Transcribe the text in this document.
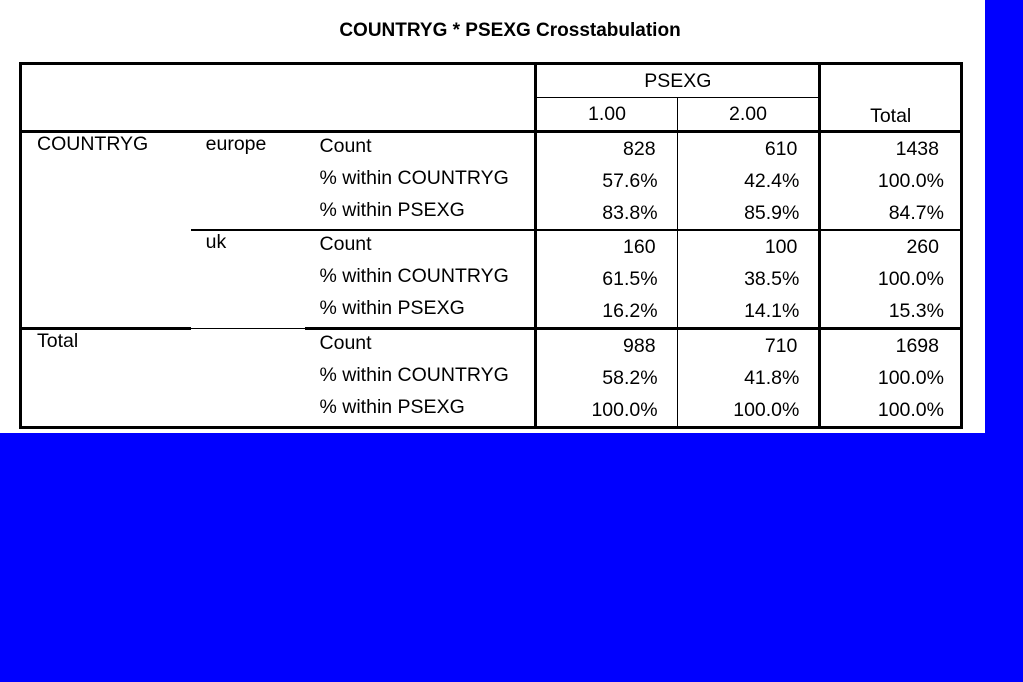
COUNTRYG * PSEXG Crosstabulation
			PSEXG		Total
			1.00	2.00	
COUNTRYG	europe	Count	828	610	1438
		% within COUNTRYG	57.6%	42.4%	100.0%
		% within PSEXG	83.8%	85.9%	84.7%
	uk	Count	160	100	260
		% within COUNTRYG	61.5%	38.5%	100.0%
		% within PSEXG	16.2%	14.1%	15.3%
Total		Count	988	710	1698
		% within COUNTRYG	58.2%	41.8%	100.0%
		% within PSEXG	100.0%	100.0%	100.0%
